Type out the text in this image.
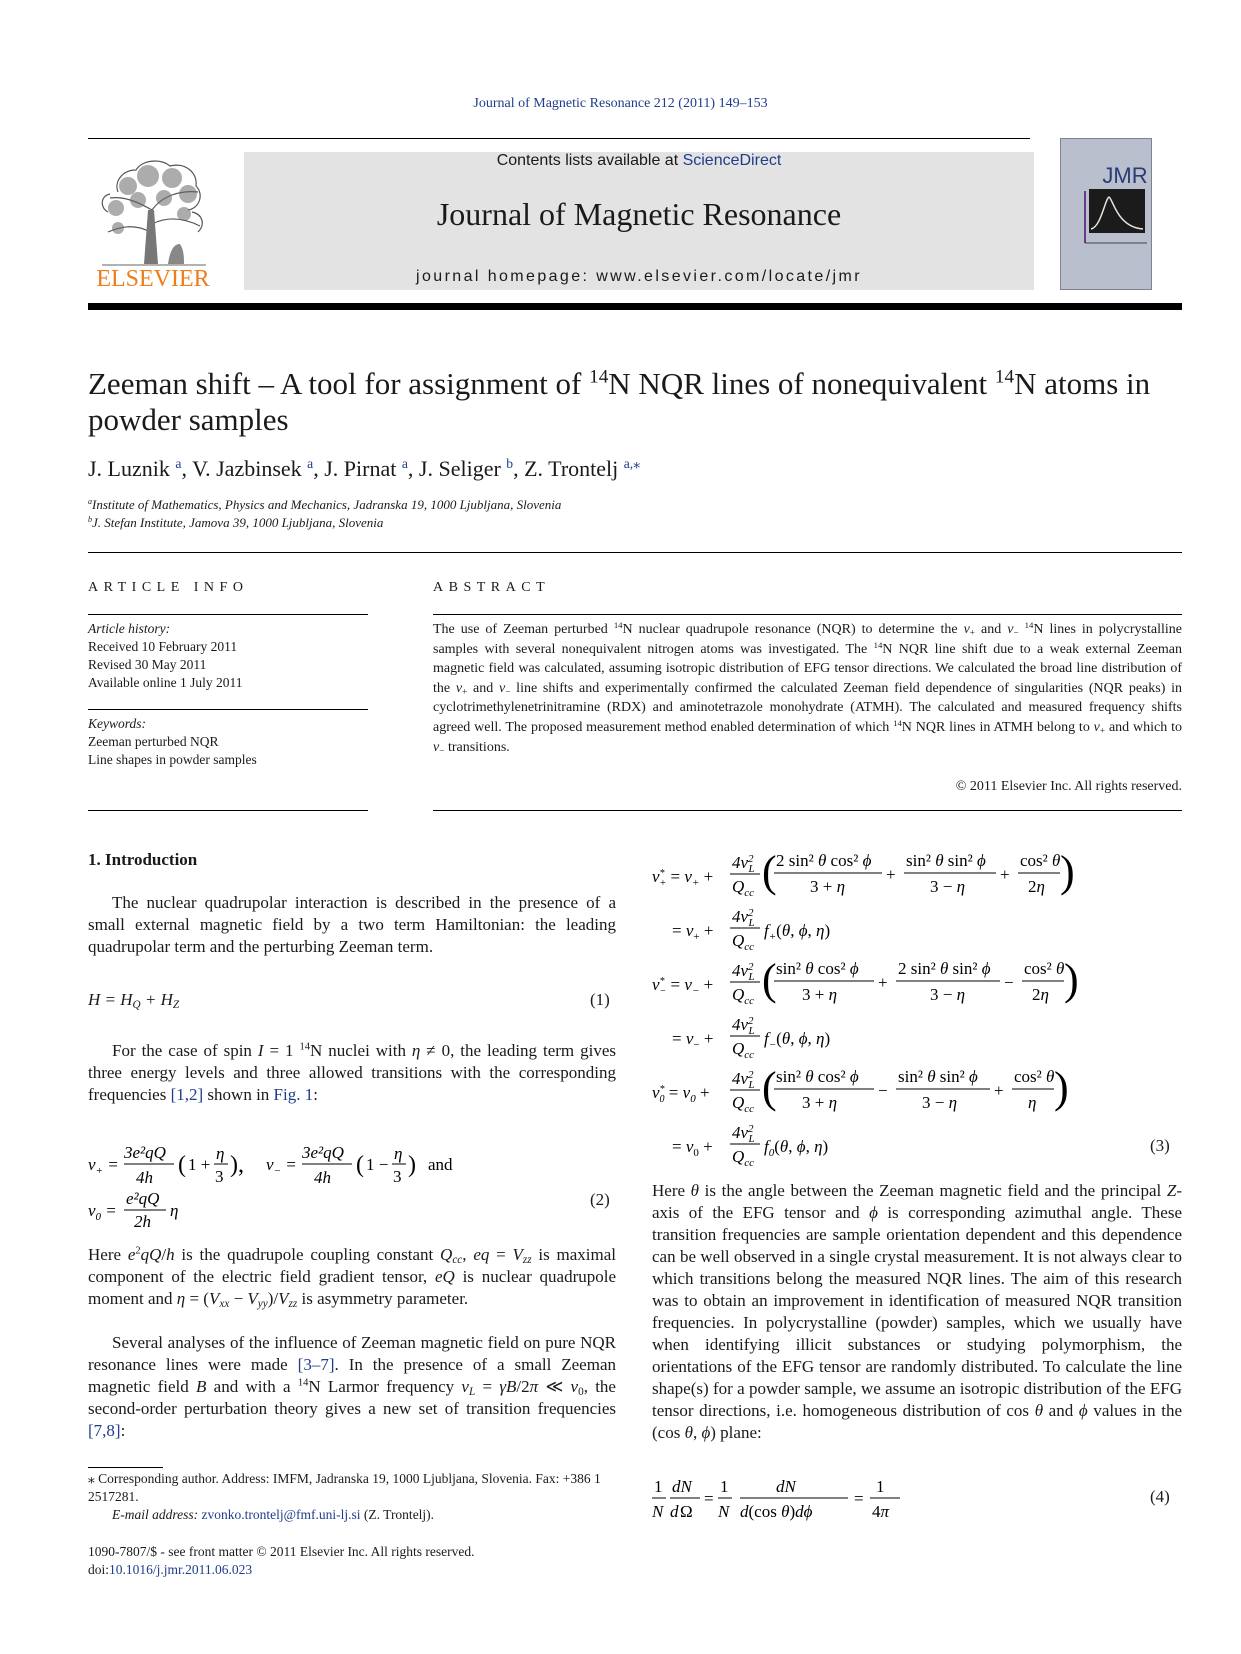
Journal of Magnetic Resonance 212 (2011) 149–153
ELSEVIER
Contents lists available at ScienceDirect
Journal of Magnetic Resonance
journal homepage: www.elsevier.com/locate/jmr
JMR
Zeeman shift – A tool for assignment of $^{14}$N NQR lines of nonequivalent $^{14}$N atoms in powder samples
J. Luznik $^a$, V. Jazbinsek $^a$, J. Pirnat $^a$, J. Seliger $^b$, Z. Trontelj $^{a,⁎}$
$^a$Institute of Mathematics, Physics and Mechanics, Jadranska 19, 1000 Ljubljana, Slovenia
$^b$J. Stefan Institute, Jamova 39, 1000 Ljubljana, Slovenia
ARTICLE INFO	ABSTRACT
Article history:
Received 10 February 2011
Revised 30 May 2011
Available online 1 July 2011
Keywords:
Zeeman perturbed NQR
Line shapes in powder samples
The use of Zeeman perturbed $^{14}$N nuclear quadrupole resonance (NQR) to determine the $\nu_+$ and $\nu_-$ $^{14}$N lines in polycrystalline samples with several nonequivalent nitrogen atoms was investigated. The $^{14}$N NQR line shift due to a weak external Zeeman magnetic field was calculated, assuming isotropic distribution of EFG tensor directions. We calculated the broad line distribution of the $\nu_+$ and $\nu_-$ line shifts and experimentally confirmed the calculated Zeeman field dependence of singularities (NQR peaks) in cyclotrimethylenetrinitramine (RDX) and aminotetrazole monohydrate (ATMH). The calculated and measured frequency shifts agreed well. The proposed measurement method enabled determination of which $^{14}$N NQR lines in ATMH belong to $\nu_+$ and which to $\nu_-$ transitions.
© 2011 Elsevier Inc. All rights reserved.
1. Introduction
The nuclear quadrupolar interaction is described in the presence of a small external magnetic field by a two term Hamiltonian: the leading quadrupolar term and the perturbing Zeeman term.
$H = H_Q + H_Z$	(1)
For the case of spin I = 1 $^{14}$N nuclei with η ≠ 0, the leading term gives three energy levels and three allowed transitions with the corresponding frequencies [1,2] shown in Fig. 1:
$\nu_+$ =
3e²qQ
4h ( 1 +
η
3 ), $\nu_-$ =
3e²qQ
4h ( 1 −
η
3 ) and
$\nu_0$ =
e²qQ
2h
η
(2)
Here $e^2qQ/h$ is the quadrupole coupling constant $Q_{cc}$, eq = $V_{zz}$ is maximal component of the electric field gradient tensor, eQ is nuclear quadrupole moment and $\eta = (V_{xx} - V_{yy})/V_{zz}$ is asymmetry parameter.
Several analyses of the influence of Zeeman magnetic field on pure NQR resonance lines were made [3–7]. In the presence of a small Zeeman magnetic field B and with a $^{14}$N Larmor frequency $\nu_L = \gamma B/2\pi$ ≪ $\nu_0$, the second-order perturbation theory gives a new set of transition frequencies [7,8]:
⁎ Corresponding author. Address: IMFM, Jadranska 19, 1000 Ljubljana, Slovenia. Fax: +386 1 2517281.
E-mail address: zvonko.trontelj@fmf.uni-lj.si (Z. Trontelj).
1090-7807/$ - see front matter © 2011 Elsevier Inc. All rights reserved.
doi:10.1016/j.jmr.2011.06.023
ν* + = $\nu_+$ +
$4\nu^2$ L
$Q_{cc}$ ( 2 sin² θ cos² ϕ
3 + η
+
sin² θ sin² ϕ
3 − η
+
cos² θ
2η )
= $\nu_+$ +
$4\nu^2$ L
$Q_{cc}$
$f_+(\theta$, ϕ, η)
ν* − = $\nu_-$ +
$4\nu^2$ L
$Q_{cc}$ ( sin² θ cos² ϕ
3 + η
+
2 sin² θ sin² ϕ
3 − η
−
cos² θ
2η )
= $\nu_-$ +
$4\nu^2$ L
$Q_{cc}$
$f_-(\theta$, ϕ, η)
ν* $0 = \nu_0$ +
$4\nu^2$ L
$Q_{cc}$ ( sin² θ cos² ϕ
3 + η
−
sin² θ sin² ϕ
3 − η
+
cos² θ
η )
= $\nu_0$ +
$4\nu^2$ L
$Q_{cc}$
$f_0(\theta$, ϕ, η)	(3)
Here θ is the angle between the Zeeman magnetic field and the principal Z-axis of the EFG tensor and ϕ is corresponding azimuthal angle. These transition frequencies are sample orientation dependent and this dependence can be well observed in a single crystal measurement. It is not always clear to which transitions belong the measured NQR lines. The aim of this research was to obtain an improvement in identification of measured NQR transition frequencies. In polycrystalline (powder) samples, which we usually have when identifying illicit substances or studying polymorphism, the orientations of the EFG tensor are randomly distributed. To calculate the line shape(s) for a powder sample, we assume an isotropic distribution of the EFG tensor directions, i.e. homogeneous distribution of cos θ and ϕ values in the (cos θ, ϕ) plane:
1
N
dN
d Ω
=
1
N
dN
d(cos θ)dϕ
=
1
4π
(4)
